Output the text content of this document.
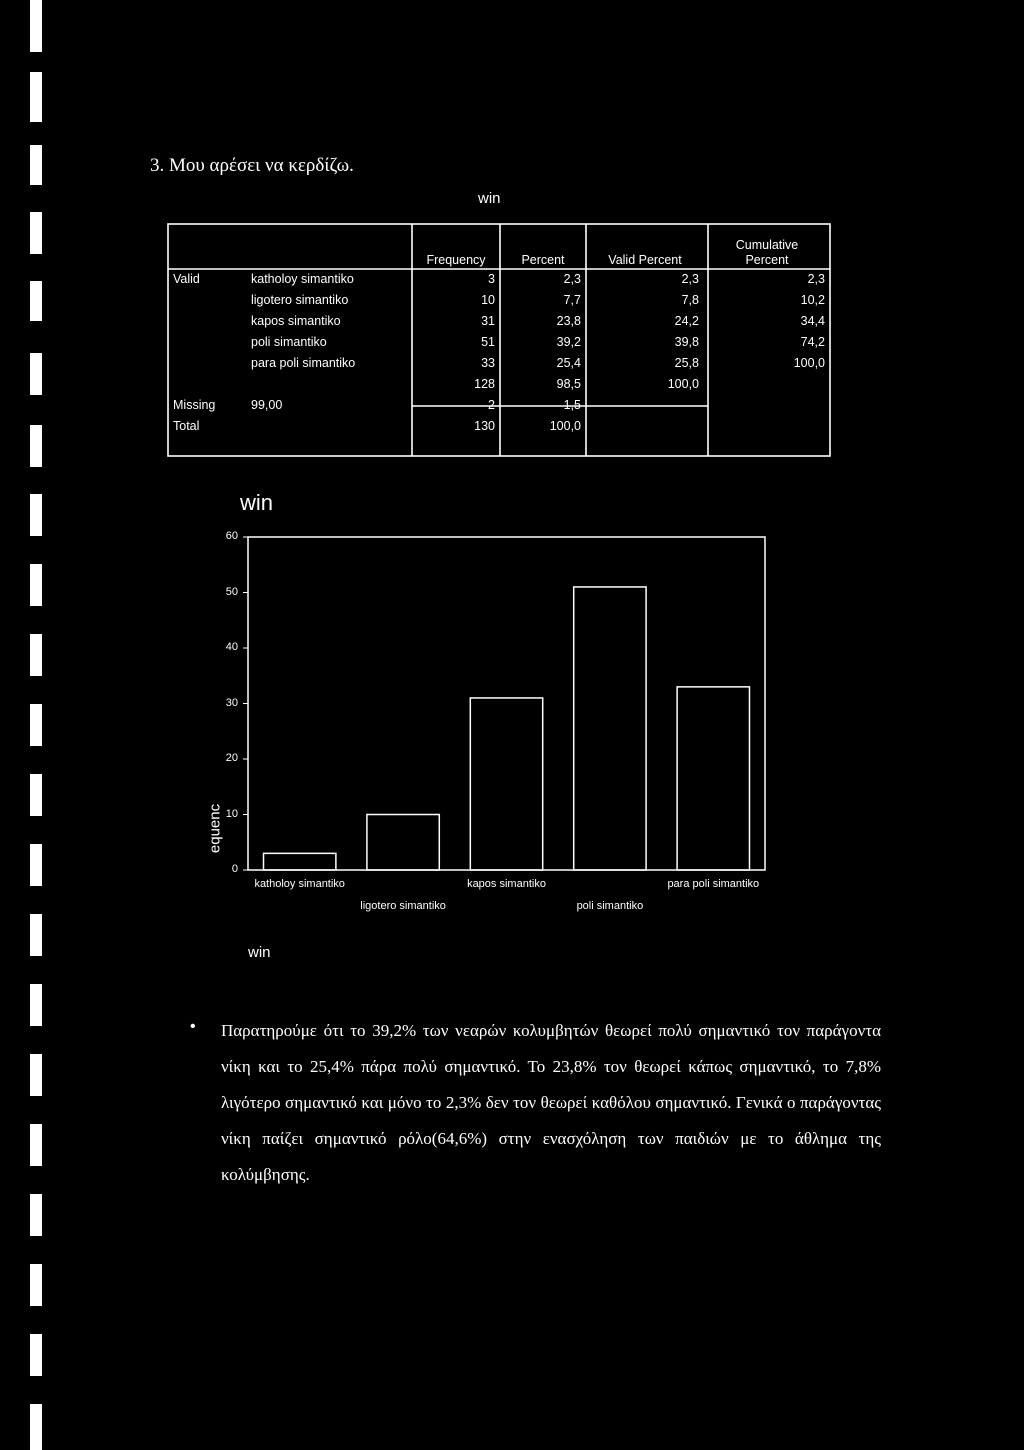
3. Μου αρέσει να κερδίζω.
win
		Frequency	Percent	Valid Percent	Cumulative
Percent
Valid	katholoy simantiko	3	2,3	2,3	2,3
	ligotero simantiko	10	7,7	7,8	10,2
	kapos simantiko	31	23,8	24,2	34,4
	poli simantiko	51	39,2	39,8	74,2
	para poli simantiko	33	25,4	25,8	100,0
		128	98,5	100,0	
Missing	99,00	2	1,5		
Total		130	100,0		
win
0
10
20
30
40
50
60
equenc
katholoy simantiko
ligotero simantiko
kapos simantiko
poli simantiko
para poli simantiko
win
• Παρατηρούμε ότι το 39,2% των νεαρών κολυμβητών θεωρεί πολύ σημαντικό τον παράγοντα νίκη και το 25,4% πάρα πολύ σημαντικό. Το 23,8% τον θεωρεί κάπως σημαντικό, το 7,8% λιγότερο σημαντικό και μόνο το 2,3% δεν τον θεωρεί καθόλου σημαντικό. Γενικά ο παράγοντας νίκη παίζει σημαντικό ρόλο(64,6%) στην ενασχόληση των παιδιών με το άθλημα της κολύμβησης.
